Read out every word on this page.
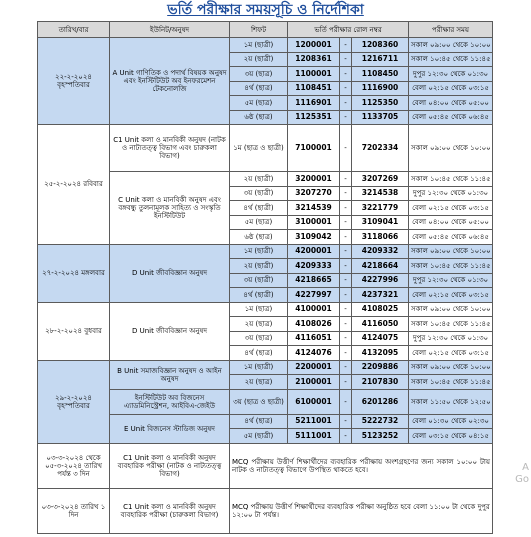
ভর্তি পরীক্ষার সময়সূচি ও নির্দেশিকা
তারিখ/বার	ইউনিট/অনুষদ	শিফট	ভর্তি পরীক্ষার রোল নম্বর			পরীক্ষার সময়
২২-২-২০২৪ বৃহস্পতিবার	A Unit গাণিতিক ও পদার্থ বিষয়ক অনুষদ এবং ইনস্টিটিউট অব ইনফরমেশন টেকনোলজি	১ম (ছাত্রী)	1200001	-	1208360	সকাল ০৯:০০ থেকে ১০:০০
		২য় (ছাত্রী)	1208361	-	1216711	সকাল ১০:৪৫ থেকে ১১:৪৫
		৩য় (ছাত্র)	1100001	-	1108450	দুপুর ১২:৩০ থেকে ০১:৩০
		৪র্থ (ছাত্র)	1108451	-	1116900	বেলা ০২:১৫ থেকে ০৩:১৫
		৫ম (ছাত্র)	1116901	-	1125350	বেলা ০৪:০০ থেকে ০৫:০০
		৬ষ্ঠ (ছাত্র)	1125351	-	1133705	বেলা ০৫:৪৫ থেকে ০৬:৪৫
২৫-২-২০২৪ রবিবার	C1 Unit কলা ও মানবিকী অনুষদ (নাটক ও নাট্যতত্ত্ব বিভাগ এবং চারুকলা বিভাগ)	১ম (ছাত্র ও ছাত্রী)	7100001	-	7202334	সকাল ০৯:০০ থেকে ১০:০০
	C Unit কলা ও মানবিকী অনুষদ এবং বঙ্গবন্ধু তুলনামূলক সাহিত্য ও সংস্কৃতি ইনস্টিটিউট	২য় (ছাত্রী)	3200001	-	3207269	সকাল ১০:৪৫ থেকে ১১:৪৫
		৩য় (ছাত্রী)	3207270	-	3214538	দুপুর ১২:৩০ থেকে ০১:৩০
		৪র্থ (ছাত্রী)	3214539	-	3221779	বেলা ০২:১৫ থেকে ০৩:১৫
		৫ম (ছাত্র)	3100001	-	3109041	বেলা ০৪:০০ থেকে ০৫:০০
		৬ষ্ঠ (ছাত্র)	3109042	-	3118066	বেলা ০৫:৪৫ থেকে ০৬:৪৫
২৭-২-২০২৪ মঙ্গলবার	D Unit জীববিজ্ঞান অনুষদ	১ম (ছাত্রী)	4200001	-	4209332	সকাল ০৯:০০ থেকে ১০:০০
		২য় (ছাত্রী)	4209333	-	4218664	সকাল ১০:৪৫ থেকে ১১:৪৫
		৩য় (ছাত্রী)	4218665	-	4227996	দুপুর ১২:৩০ থেকে ০১:৩০
		৪র্থ (ছাত্রী)	4227997	-	4237321	বেলা ০২:১৫ থেকে ০৩:১৫
২৮-২-২০২৪ বুধবার	D Unit জীববিজ্ঞান অনুষদ	১ম (ছাত্র)	4100001	-	4108025	সকাল ০৯:০০ থেকে ১০:০০
		২য় (ছাত্র)	4108026	-	4116050	সকাল ১০:৪৫ থেকে ১১:৪৫
		৩য় (ছাত্র)	4116051	-	4124075	দুপুর ১২:৩০ থেকে ০১:৩০
		৪র্থ (ছাত্র)	4124076	-	4132095	বেলা ০২:১৫ থেকে ০৩:১৫
২৯-২-২০২৪ বৃহস্পতিবার	B Unit সমাজবিজ্ঞান অনুষদ ও আইন অনুষদ	১ম (ছাত্রী)	2200001	-	2209886	সকাল ০৯:০০ থেকে ১০:০০
		২য় (ছাত্র)	2100001	-	2107830	সকাল ১০:৪৫ থেকে ১১:৪৫
	ইনস্টিটিউট অব বিজনেস এ্যাডমিনিস্ট্রেশন, আইবিএ-জেইউ	৩য় (ছাত্র ও ছাত্রী)	6100001	-	6201286	সকাল ১১:৫০ থেকে ১২:৫০
	E Unit বিজনেস স্টাডিজ অনুষদ	৪র্থ (ছাত্র)	5211001	-	5222732	বেলা ০১:৩০ থেকে ০২:৩০
		৫ম (ছাত্রী)	5111001	-	5123252	বেলা ০৩:১৫ থেকে ০৪:১৫
০৩-৩-২০২৪ থেকে ০৫-৩-২০২৪ তারিখ পর্যন্ত ৩ দিন	C1 Unit কলা ও মানবিকী অনুষদ ব্যবহারিক পরীক্ষা (নাটক ও নাট্যতত্ত্ব বিভাগ)	MCQ পরীক্ষায় উত্তীর্ণ শিক্ষার্থীদের ব্যবহারিক পরীক্ষায় অংশগ্রহণের জন্য সকাল ১০:০০ টায় নাটক ও নাট্যতত্ত্ব বিভাগে উপস্থিত থাকতে হবে।				
০৩-৩-২০২৪ তারিখ ১ দিন	C1 Unit কলা ও মানবিকী অনুষদ ব্যবহারিক পরীক্ষা (চারুকলা বিভাগ)	MCQ পরীক্ষায় উত্তীর্ণ শিক্ষার্থীদের ব্যবহারিক পরীক্ষা অনুষ্ঠিত হবে বেলা ১১:০০ টা থেকে দুপুর ১২:০০ টা পর্যন্ত।				
A
Go
